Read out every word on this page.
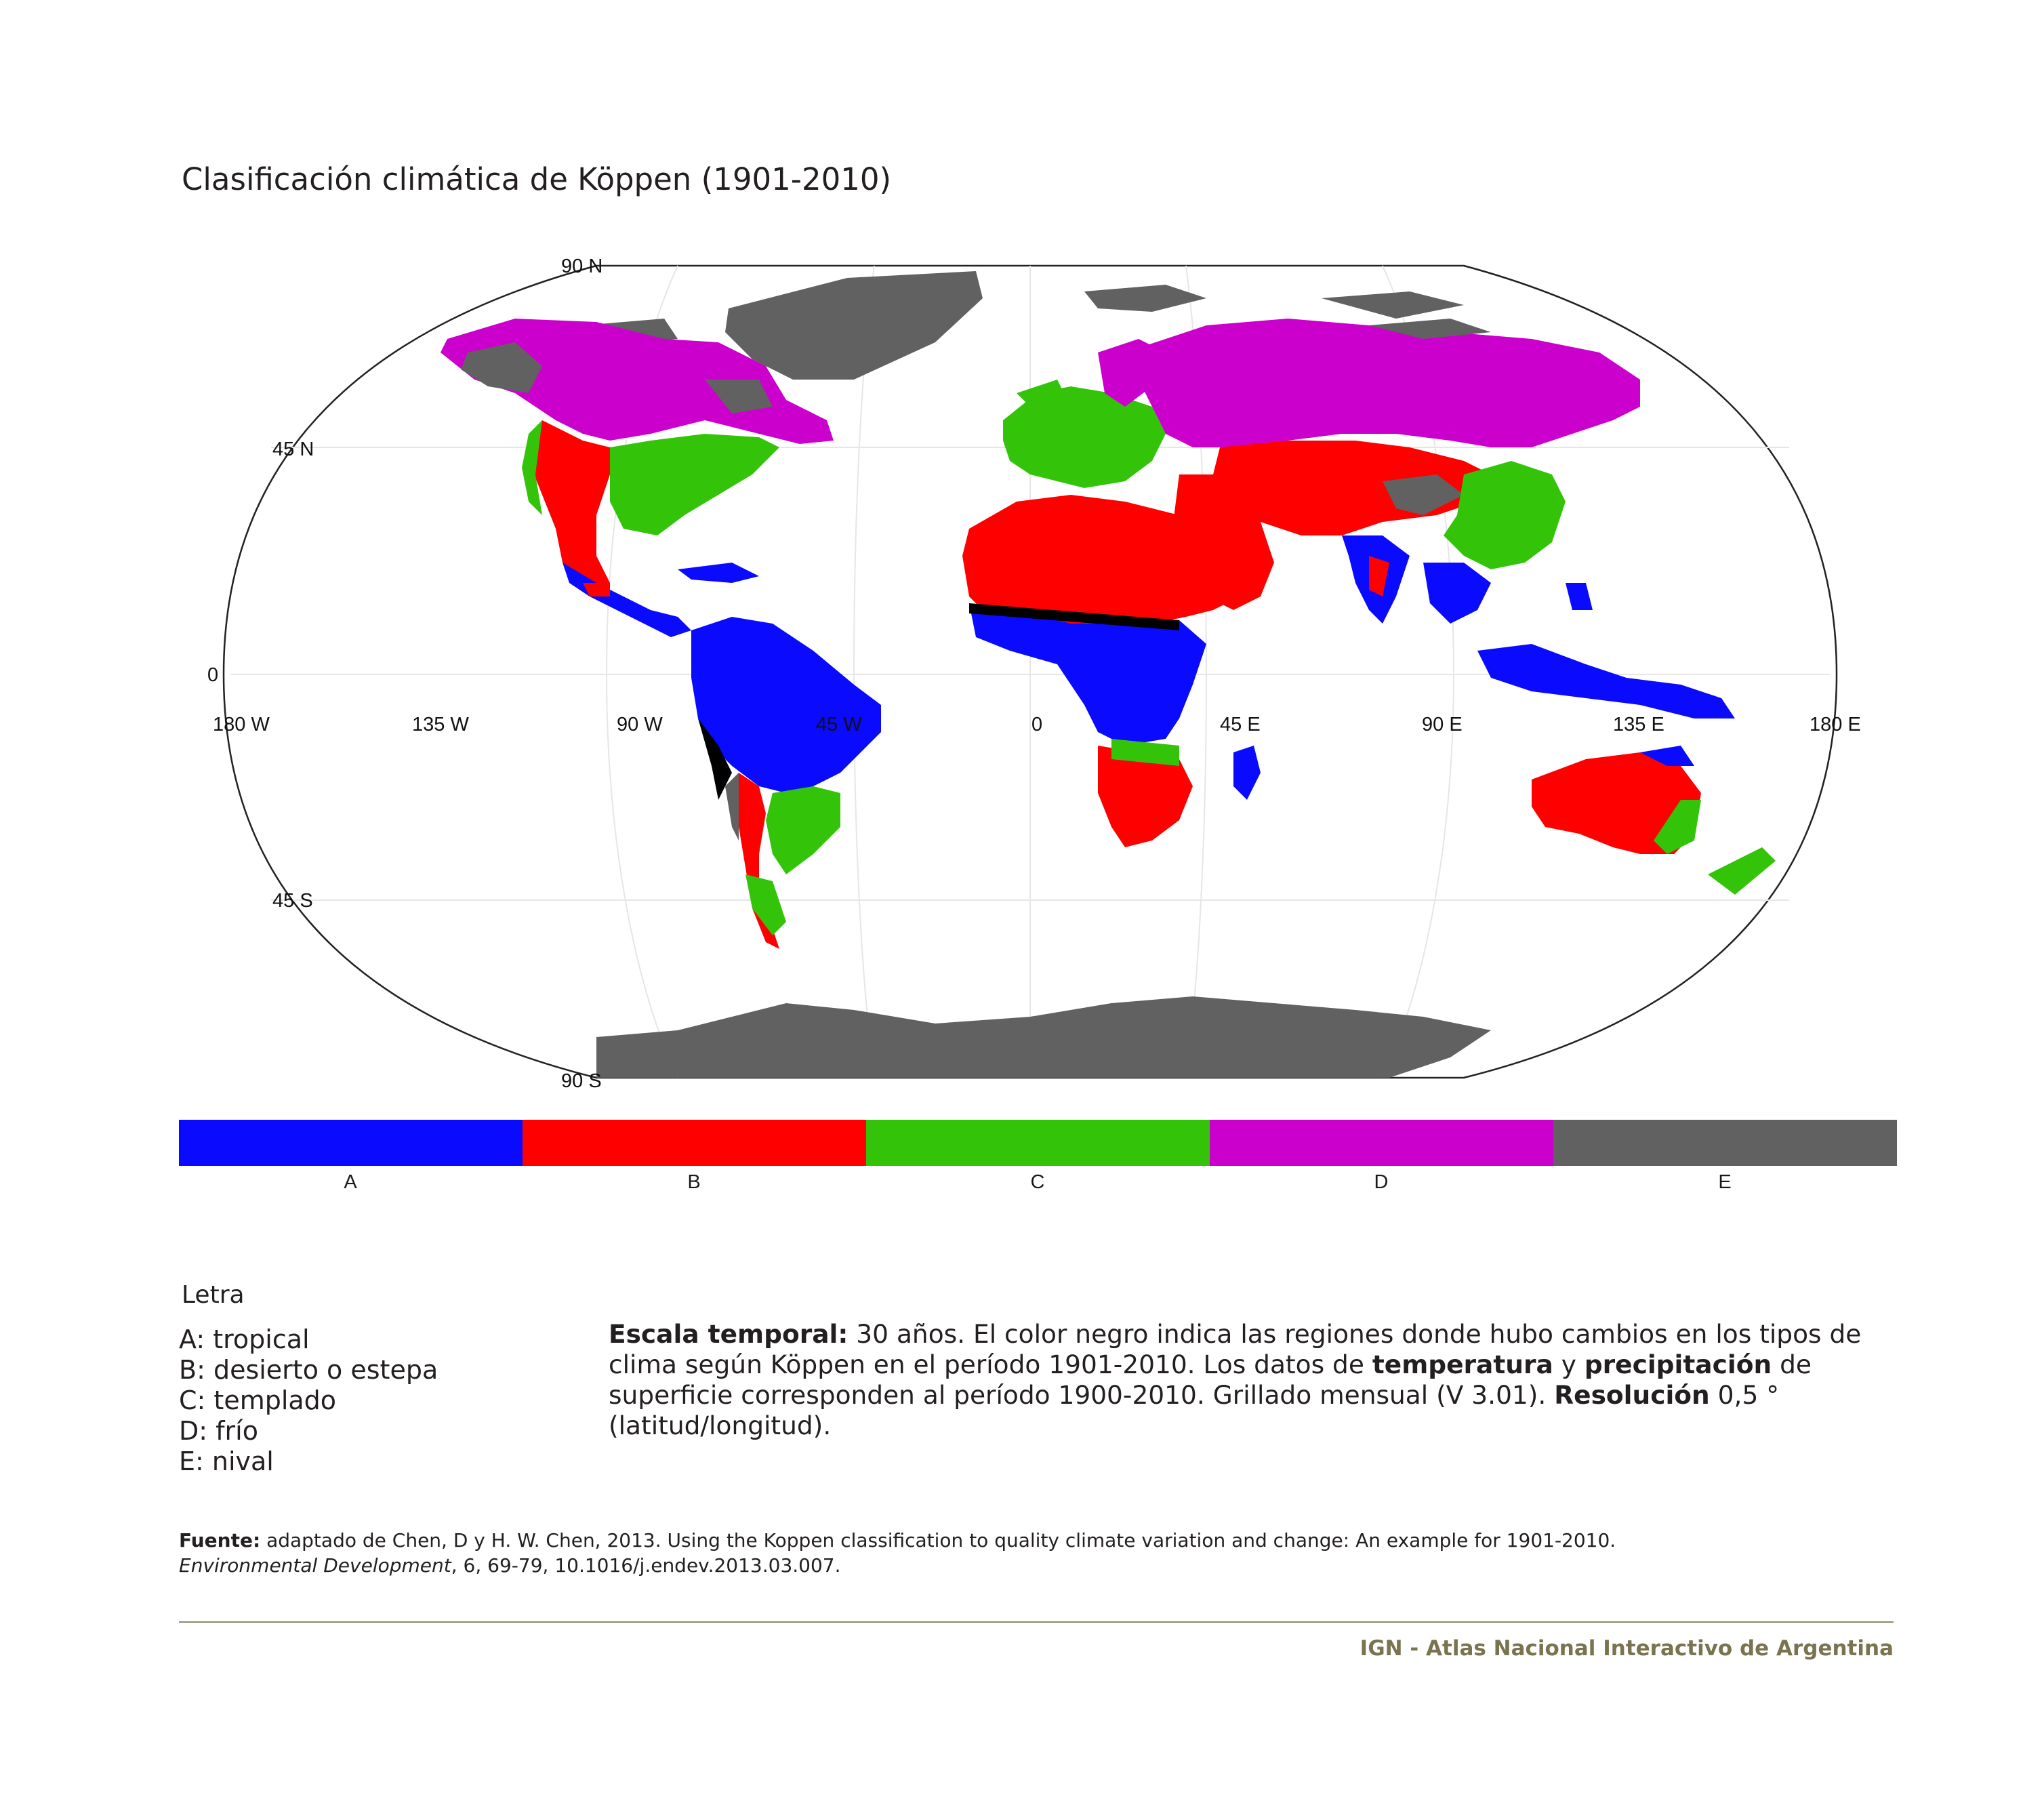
Clasificación climática de Köppen (1901-2010)
90 N
45 N
0
45 S
90 S
180 W	135 W	90 W	45 W	0	45 E	90 E	135 E	180 E
A	B	C	D	E
Letra
A: tropical
B: desierto o estepa
C: templado
D: frío
E: nival
Escala temporal: 30 años. El color negro indica las regiones donde hubo cambios en los tipos de clima según Köppen en el período 1901-2010. Los datos de temperatura y precipitación de superficie corresponden al período 1900-2010. Grillado mensual (V 3.01). Resolución 0,5 ° (latitud/longitud).
Fuente: adaptado de Chen, D y H. W. Chen, 2013. Using the Koppen classification to quality climate variation and change: An example for 1901-2010.
Environmental Development, 6, 69-79, 10.1016/j.endev.2013.03.007.
IGN - Atlas Nacional Interactivo de Argentina
